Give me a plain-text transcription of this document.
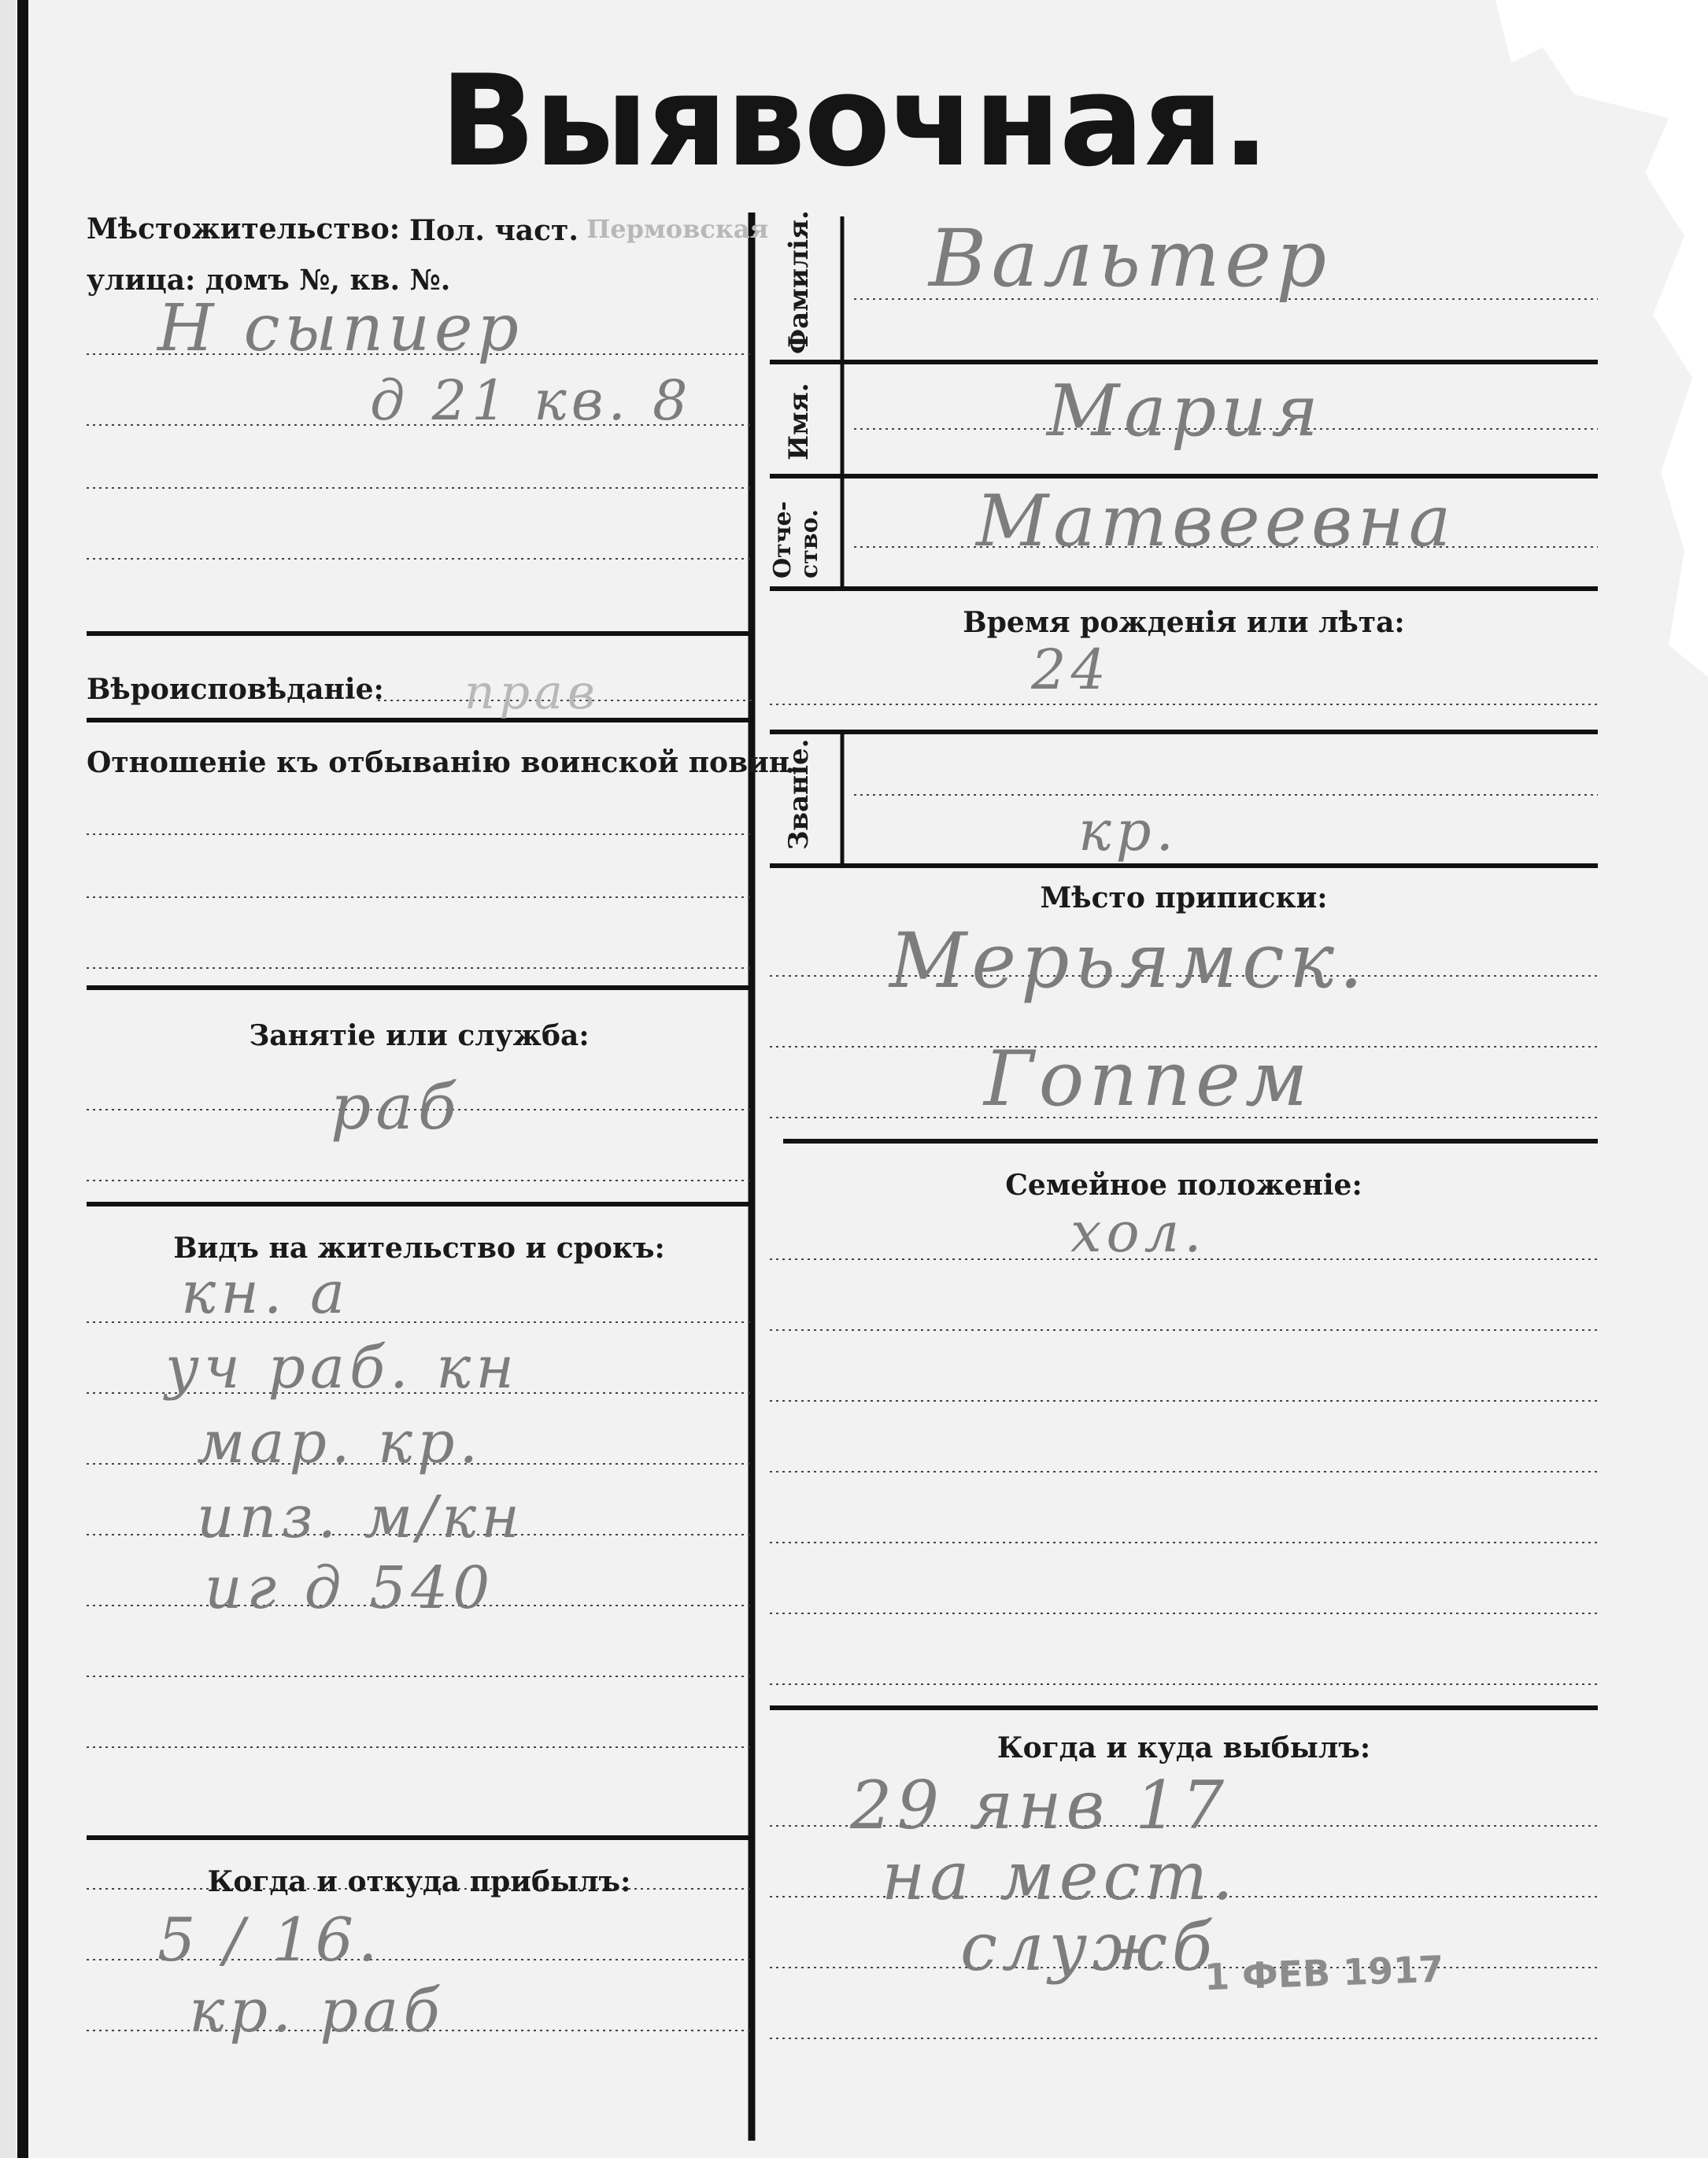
Выявочная.
Мѣстожительство: Пол. част. Пермовская
улица: домъ №, кв. №.
Н сыпиер
д 21 кв. 8
Вѣроисповѣданiе: прав
Отношенiе къ отбыванiю воинской повин.
Занятiе или служба:
раб
Видъ на жительство и срокъ:
кн. а
уч раб. кн
мар. кр.
ипз. м/кн
иг д 540
Когда и откуда прибылъ:
5 / 16.
кр. раб
Фамилiя. Вальтер
Имя.	Мария
Отче-ство. Матвеевна
Время рожденiя или лѣта:
24
Званiе.	кр.
Мѣсто приписки:
Мерьямск.
Гоппем
Семейное положенiе:
хол.
Когда и куда выбылъ:
29 янв 17
на мест.
служб
1 ФЕВ 1917
